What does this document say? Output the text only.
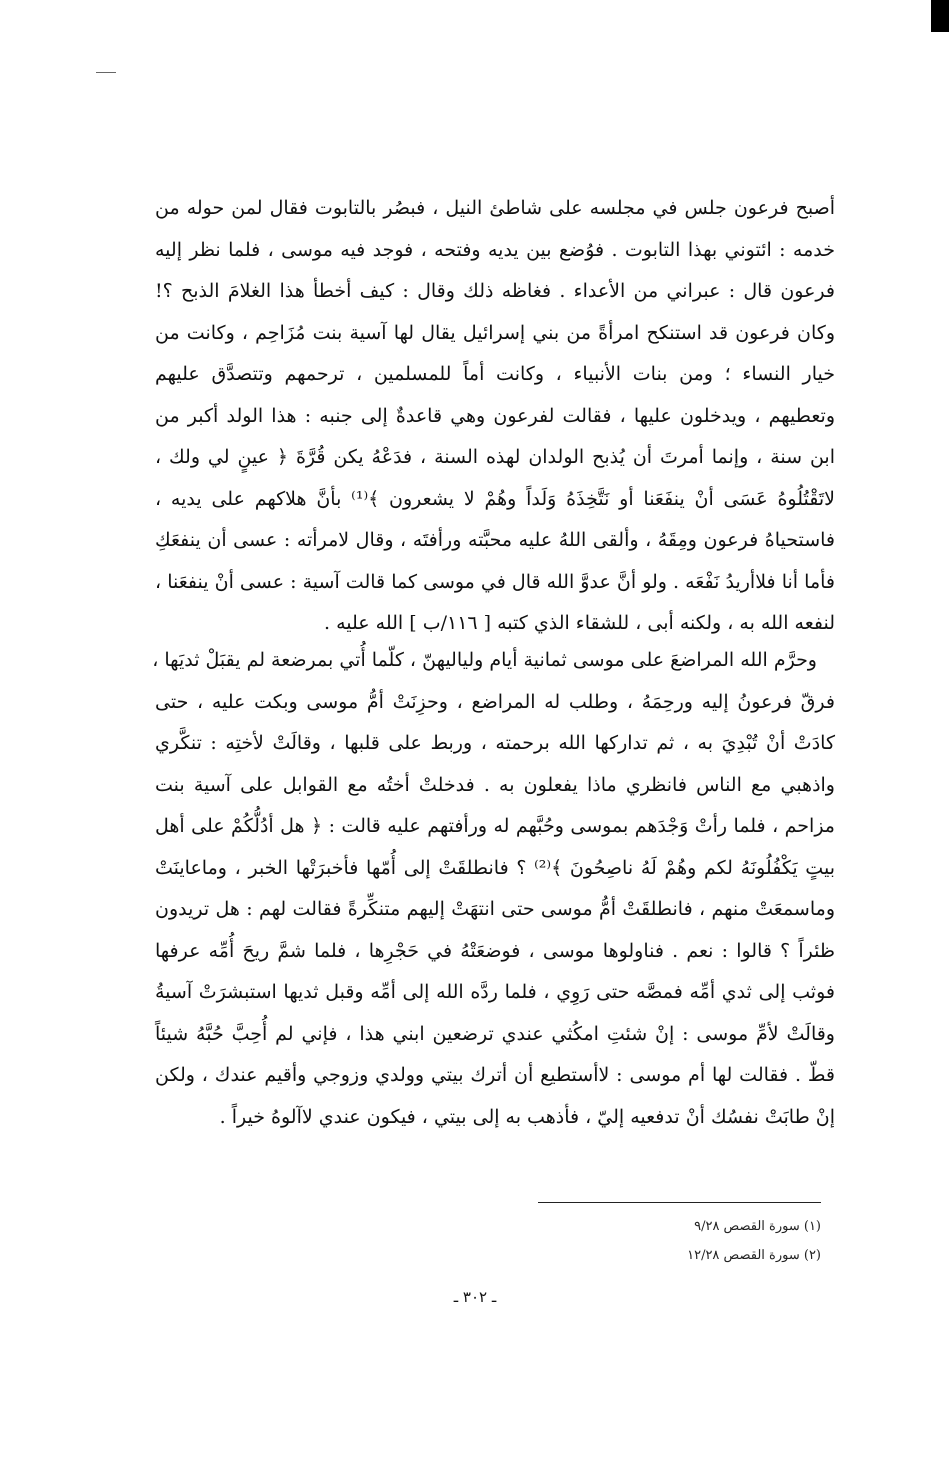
أصبح فرعون جلس في مجلسه على شاطئ النيل ، فبصُر بالتابوت فقال لمن حوله من
خدمه : ائتوني بهذا التابوت . فوُضع بين يديه وفتحه ، فوجد فيه موسى ، فلما نظر إليه
فرعون قال : عبراني من الأعداء . فغاظه ذلك وقال : كيف أخطأ هذا الغلامَ الذبح ؟!
وكان فرعون قد استنكح امرأةً من بني إسرائيل يقال لها آسية بنت مُزَاحِم ، وكانت من
خيار النساء ؛ ومن بنات الأنبياء ، وكانت أماً للمسلمين ، ترحمهم وتتصدَّق عليهم
وتعطيهم ، ويدخلون عليها ، فقالت لفرعون وهي قاعدةٌ إلى جنبه : هذا الولد أكبر من
ابن سنة ، وإنما أمرتَ أن يُذبح الولدان لهذه السنة ، فدَعْهُ يكن قُرَّةَ ﴿ عينٍ لي ولك ،
لاتَقْتُلُوهُ عَسَى أنْ ينفَعَنا أو نَتَّخِذَهُ وَلَداً وهُمْ لا يشعرون ﴾⁽¹⁾ بأنَّ هلاكهم على يديه ،
فاستحياهُ فرعون ومِقَهُ ، وألقى اللهُ عليه محبَّته ورأفتَه ، وقال لامرأته : عسى أن ينفعَكِ
فأما أنا فلاأريدُ نَفْعَه . ولو أنَّ عدوَّ الله قال في موسى كما قالت آسية : عسى أنْ ينفعَنا ،
لنفعه الله به ، ولكنه أبى ، للشقاء الذي كتبه [ ١١٦/ب ] الله عليه .
وحرَّم الله المراضعَ على موسى ثمانية أيام ولياليهنّ ، كلّما أُتي بمرضعة لم يقبَلْ ثديَها ،
فرقّ فرعونُ إليه ورحِمَهُ ، وطلب له المراضع ، وحزِنَتْ أمُّ موسى وبكت عليه ، حتى
كادَتْ أنْ تُبْدِيَ به ، ثم تداركها الله برحمته ، وربط على قلبها ، وقالَتْ لأختِه : تنكَّري
واذهبي مع الناس فانظري ماذا يفعلون به . فدخلتْ أختُه مع القوابل على آسية بنت
مزاحم ، فلما رأتْ وَجْدَهم بموسى وحُبَّهم له ورأفتهم عليه قالت : ﴿ هل أدُلُّكُمْ على أهل
بيتٍ يَكْفُلُونَهُ لكم وهُمْ لَهُ ناصِحُونَ ﴾⁽²⁾ ؟ فانطلقَتْ إلى أُمّها فأخبرَتْها الخبر ، وماعاينَتْ
وماسمعَتْ منهم ، فانطلقَتْ أمُّ موسى حتى انتهَتْ إليهم متنكِّرةً فقالت لهم : هل تريدون
ظئراً ؟ قالوا : نعم . فناولوها موسى ، فوضعَتْهُ في حَجْرِها ، فلما شمَّ ريحَ أُمِّه عرفها
فوثب إلى ثدي أمِّه فمصَّه حتى رَوِي ، فلما ردَّه الله إلى أمِّه وقبل ثديها استبشرَتْ آسيةُ
وقالَتْ لأمِّ موسى : إنْ شئتِ امكُثي عندي ترضعين ابني هذا ، فإني لم أُحِبَّ حُبَّهُ شيئاً
قطّ . فقالت لها أم موسى : لاأستطيع أن أترك بيتي وولدي وزوجي وأقيم عندك ، ولكن
إنْ طابَتْ نفسُك أنْ تدفعيه إليّ ، فأذهب به إلى بيتي ، فيكون عندي لاآلوهُ خيراً .
(١) سورة القصص ٩/٢٨
(٢) سورة القصص ١٢/٢٨
ـ ٣٠٢ ـ
